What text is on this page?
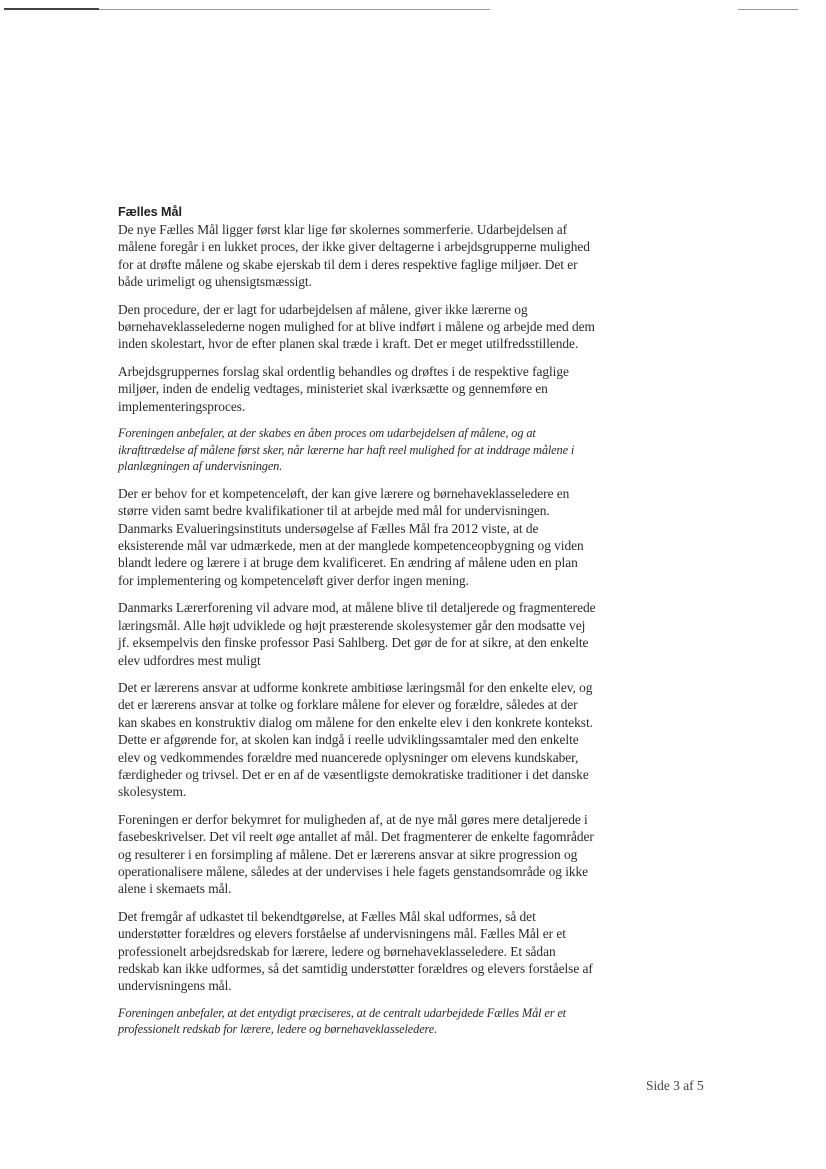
Fælles Mål

De nye Fælles Mål ligger først klar lige før skolernes sommerferie. Udarbejdelsen af målene foregår i en lukket proces, der ikke giver deltagerne i arbejdsgrupperne mulighed for at drøfte målene og skabe ejerskab til dem i deres respektive faglige miljøer. Det er både urimeligt og uhensigtsmæssigt.

Den procedure, der er lagt for udarbejdelsen af målene, giver ikke lærerne og børnehaveklasselederne nogen mulighed for at blive indført i målene og arbejde med dem inden skolestart, hvor de efter planen skal træde i kraft. Det er meget utilfredsstillende.

Arbejdsgruppernes forslag skal ordentlig behandles og drøftes i de respektive faglige miljøer, inden de endelig vedtages, ministeriet skal iværksætte og gennemføre en implementeringsproces.

Foreningen anbefaler, at der skabes en åben proces om udarbejdelsen af målene, og at ikrafttrædelse af målene først sker, når lærerne har haft reel mulighed for at inddrage målene i planlægningen af undervisningen.

Der er behov for et kompetenceløft, der kan give lærere og børnehaveklasseledere en større viden samt bedre kvalifikationer til at arbejde med mål for undervisningen. Danmarks Evalueringsinstituts undersøgelse af Fælles Mål fra 2012 viste, at de eksisterende mål var udmærkede, men at der manglede kompetenceopbygning og viden blandt ledere og lærere i at bruge dem kvalificeret. En ændring af målene uden en plan for implementering og kompetenceløft giver derfor ingen mening.

Danmarks Lærerforening vil advare mod, at målene blive til detaljerede og fragmenterede læringsmål. Alle højt udviklede og højt præsterende skolesystemer går den modsatte vej jf. eksempelvis den finske professor Pasi Sahlberg. Det gør de for at sikre, at den enkelte elev udfordres mest muligt

Det er lærerens ansvar at udforme konkrete ambitiøse læringsmål for den enkelte elev, og det er lærerens ansvar at tolke og forklare målene for elever og forældre, således at der kan skabes en konstruktiv dialog om målene for den enkelte elev i den konkrete kontekst. Dette er afgørende for, at skolen kan indgå i reelle udviklingssamtaler med den enkelte elev og vedkommendes forældre med nuancerede oplysninger om elevens kundskaber, færdigheder og trivsel. Det er en af de væsentligste demokratiske traditioner i det danske skolesystem.

Foreningen er derfor bekymret for muligheden af, at de nye mål gøres mere detaljerede i fasebeskrivelser. Det vil reelt øge antallet af mål. Det fragmenterer de enkelte fagområder og resulterer i en forsimpling af målene. Det er lærerens ansvar at sikre progression og operationalisere målene, således at der undervises i hele fagets genstandsområde og ikke alene i skemaets mål.

Det fremgår af udkastet til bekendtgørelse, at Fælles Mål skal udformes, så det understøtter forældres og elevers forståelse af undervisningens mål. Fælles Mål er et professionelt arbejdsredskab for lærere, ledere og børnehaveklasseledere. Et sådan redskab kan ikke udformes, så det samtidig understøtter forældres og elevers forståelse af undervisningens mål.

Foreningen anbefaler, at det entydigt præciseres, at de centralt udarbejdede Fælles Mål er et professionelt redskab for lærere, ledere og børnehaveklasseledere.

Side 3 af 5
